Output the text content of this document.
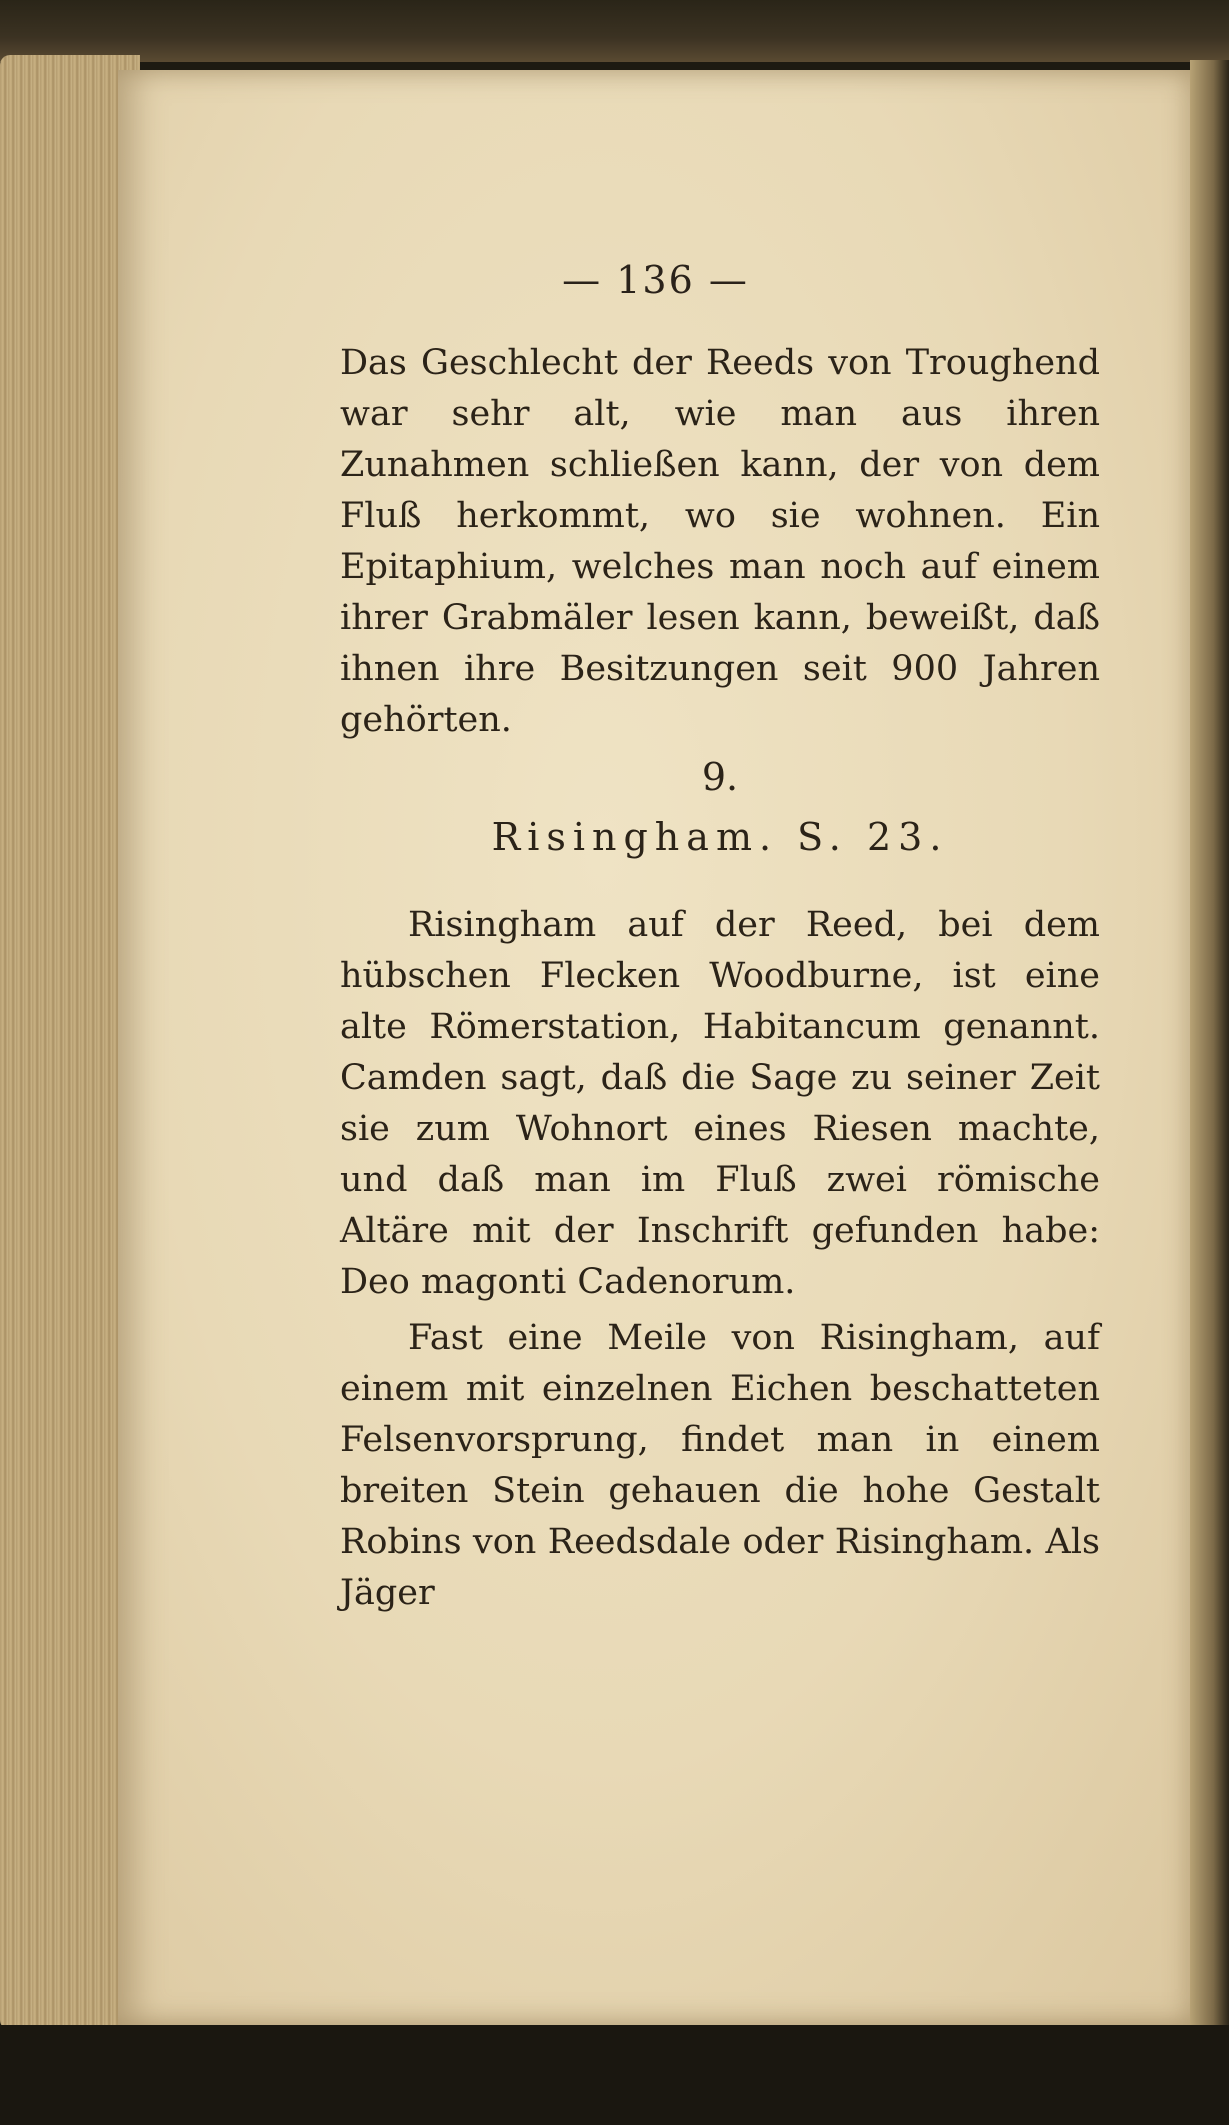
— 136 —
Das Geschlecht der Reeds von Troughend war sehr alt, wie man aus ihren Zunahmen schließen kann, der von dem Fluß herkommt, wo sie wohnen. Ein Epitaphium, welches man noch auf einem ihrer Grabmäler lesen kann, beweißt, daß ihnen ihre Besitzungen seit 900 Jahren gehörten.
9.
Risingham. S. 23.
Risingham auf der Reed, bei dem hübschen Flecken Woodburne, ist eine alte Römerstation, Habitancum genannt. Camden sagt, daß die Sage zu seiner Zeit sie zum Wohnort eines Riesen machte, und daß man im Fluß zwei römische Altäre mit der Inschrift gefunden habe: Deo magonti Cadenorum.
Fast eine Meile von Risingham, auf einem mit einzelnen Eichen beschatteten Felsenvorsprung, findet man in einem breiten Stein gehauen die hohe Gestalt Robins von Reedsdale oder Risingham. Als Jäger
